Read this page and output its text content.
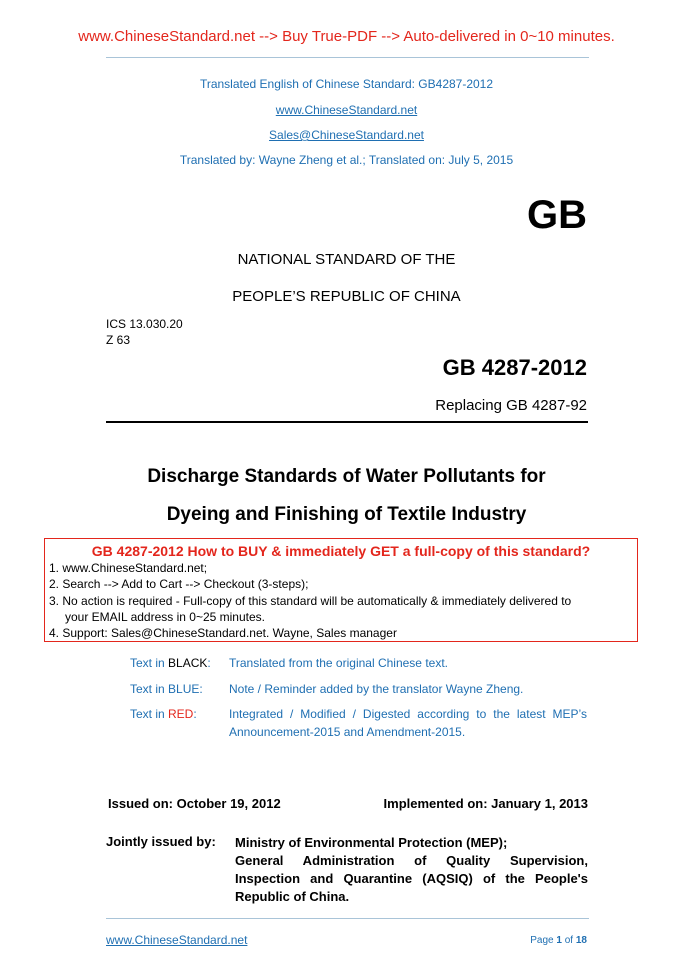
www.ChineseStandard.net --> Buy True-PDF --> Auto-delivered in 0~10 minutes.
Translated English of Chinese Standard: GB4287-2012
www.ChineseStandard.net
Sales@ChineseStandard.net
Translated by: Wayne Zheng et al.; Translated on: July 5, 2015
GB
NATIONAL STANDARD OF THE
PEOPLE’S REPUBLIC OF CHINA
ICS 13.030.20
Z 63
GB 4287-2012
Replacing GB 4287-92
Discharge Standards of Water Pollutants for
Dyeing and Finishing of Textile Industry
GB 4287-2012 How to BUY & immediately GET a full-copy of this standard?
1. www.ChineseStandard.net;
2. Search --> Add to Cart --> Checkout (3-steps);
3. No action is required - Full-copy of this standard will be automatically & immediately delivered to
your EMAIL address in 0~25 minutes.
4. Support: Sales@ChineseStandard.net. Wayne, Sales manager
Text in BLACK: Translated from the original Chinese text.
Text in BLUE: Note / Reminder added by the translator Wayne Zheng.
Text in RED:	Integrated / Modified / Digested according to the latest MEP’s Announcement-2015 and Amendment-2015.
Issued on: October 19, 2012	Implemented on: January 1, 2013
Jointly issued by: Ministry of Environmental Protection (MEP);
General Administration of Quality Supervision, Inspection and Quarantine (AQSIQ) of the People's Republic of China.
www.ChineseStandard.net	Page 1 of 18
